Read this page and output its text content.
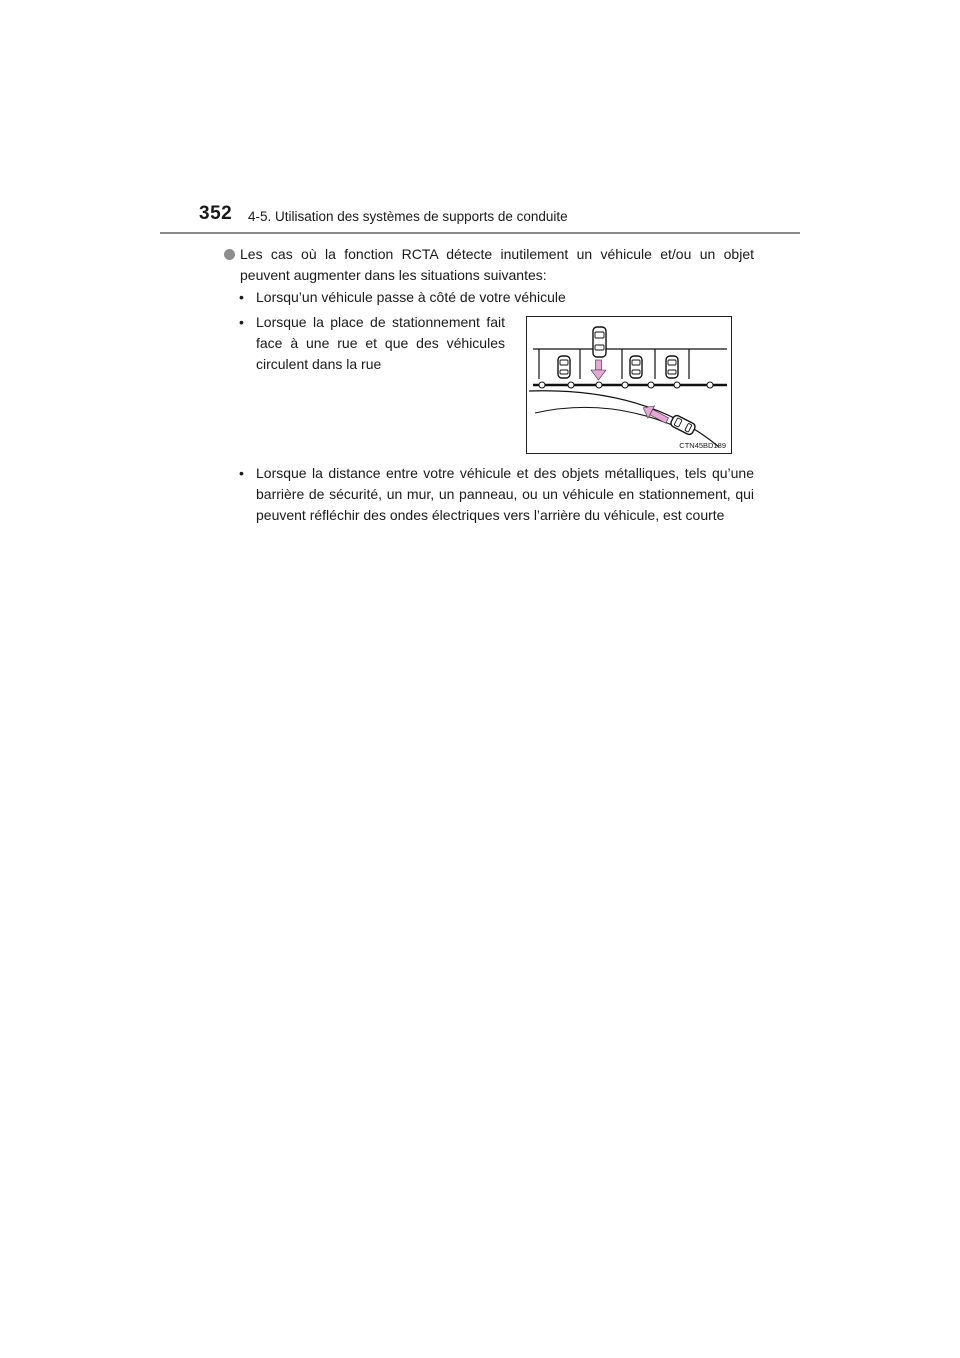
352 4-5. Utilisation des systèmes de supports de conduite
Les cas où la fonction RCTA détecte inutilement un véhicule et/ou un objet peuvent augmenter dans les situations suivantes:
• Lorsqu’un véhicule passe à côté de votre véhicule
• Lorsque la place de stationnement fait face à une rue et que des véhicules circulent dans la rue
CTN45BD189
• Lorsque la distance entre votre véhicule et des objets métalliques, tels qu’une barrière de sécurité, un mur, un panneau, ou un véhicule en stationnement, qui peuvent réfléchir des ondes électriques vers l’arrière du véhicule, est courte
